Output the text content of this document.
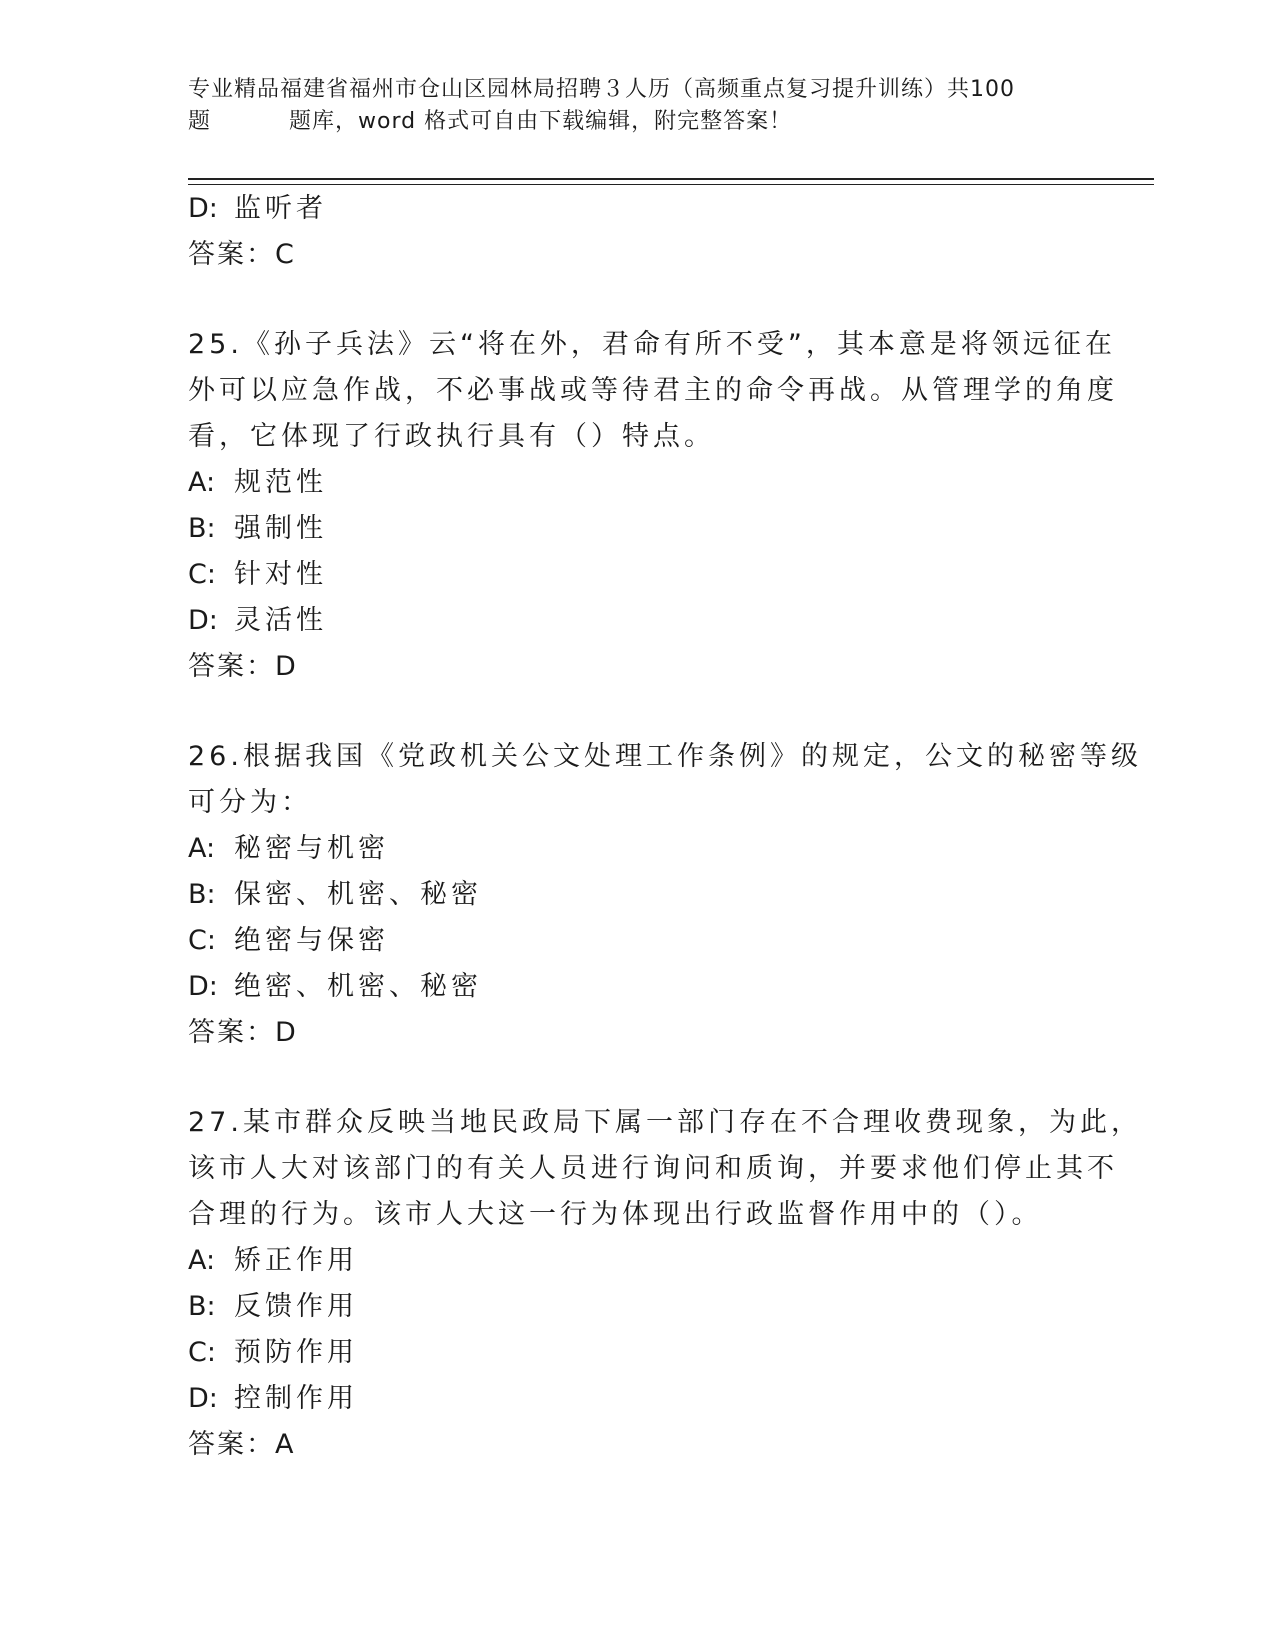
专业精品福建省福州市仓山区园林局招聘３人历（高频重点复习提升训练）共100
题	题库，word 格式可自由下载编辑，附完整答案！
D: 监听者
答案：C
25.《孙子兵法》云“将在外，君命有所不受”，其本意是将领远征在
外可以应急作战，不必事战或等待君主的命令再战。从管理学的角度
看，它体现了行政执行具有（）特点。
A: 规范性
B: 强制性
C: 针对性
D: 灵活性
答案：D
26.根据我国《党政机关公文处理工作条例》的规定，公文的秘密等级
可分为：
A: 秘密与机密
B: 保密、机密、秘密
C: 绝密与保密
D: 绝密、机密、秘密
答案：D
27.某市群众反映当地民政局下属一部门存在不合理收费现象，为此，
该市人大对该部门的有关人员进行询问和质询，并要求他们停止其不
合理的行为。该市人大这一行为体现出行政监督作用中的（）。
A: 矫正作用
B: 反馈作用
C: 预防作用
D: 控制作用
答案：A
